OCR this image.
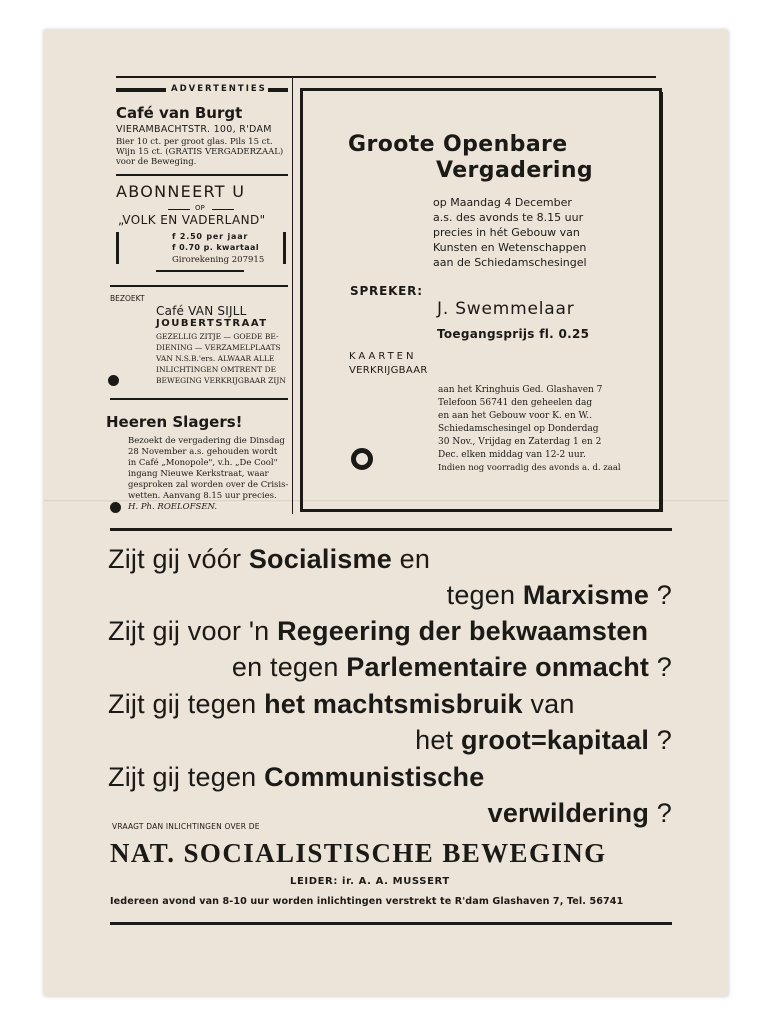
ADVERTENTIES
Café van Burgt
VIERAMBACHTSTR. 100, R'DAM
Bier 10 ct. per groot glas. Pils 15 ct.
Wijn 15 ct. (GRATIS VERGADERZAAL)
voor de Beweging.
ABONNEERT U
OP
„VOLK EN VADERLAND"
f 2.50 per jaar
f 0.70 p. kwartaal
Girorekening 207915
BEZOEKT
Café VAN SIJLL
JOUBERTSTRAAT
GEZELLIG ZITJE — GOEDE BE-
DIENING — VERZAMELPLAATS
VAN N.S.B.'ers. ALWAAR ALLE
INLICHTINGEN OMTRENT DE
BEWEGING VERKRIJGBAAR ZIJN
Heeren Slagers!
Bezoekt de vergadering die Dinsdag
28 November a.s. gehouden wordt
in Café „Monopole", v.h. „De Cool"
ingang Nieuwe Kerkstraat, waar
gesproken zal worden over de Crisis-
wetten. Aanvang 8.15 uur precies.
H. Ph. ROELOFSEN.
Groote Openbare
Vergadering
op Maandag 4 December
a.s. des avonds te 8.15 uur
precies in hét Gebouw van
Kunsten en Wetenschappen
aan de Schiedamschesingel
SPREKER:
J. Swemmelaar
Toegangsprijs fl. 0.25
KAARTEN
VERKRIJGBAAR
aan het Kringhuis Ged. Glashaven 7
Telefoon 56741 den geheelen dag
en aan het Gebouw voor K. en W..
Schiedamschesingel op Donderdag
30 Nov., Vrijdag en Zaterdag 1 en 2
Dec. elken middag van 12-2 uur.
Indien nog voorradig des avonds a. d. zaal
Zijt gij vóór Socialisme en
tegen Marxisme ?
Zijt gij voor 'n Regeering der bekwaamsten
en tegen Parlementaire onmacht ?
Zijt gij tegen het machtsmisbruik van
het groot=kapitaal ?
Zijt gij tegen Communistische
verwildering ?
VRAAGT DAN INLICHTINGEN OVER DE
NAT. SOCIALISTISCHE BEWEGING
LEIDER: ir. A. A. MUSSERT
Iedereen avond van 8-10 uur worden inlichtingen verstrekt te R'dam Glashaven 7, Tel. 56741
